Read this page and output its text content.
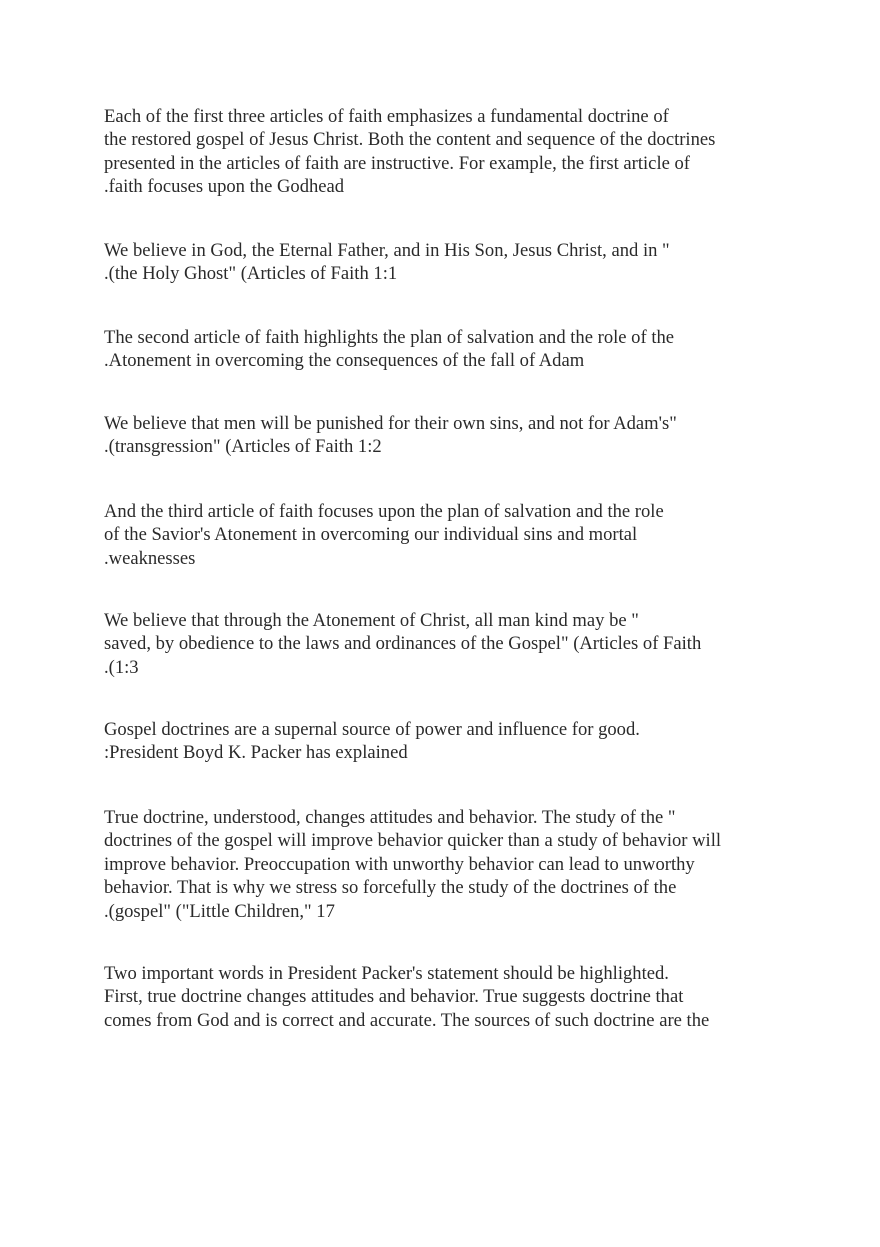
Each of the first three articles of faith emphasizes a fundamental doctrine of
the restored gospel of Jesus Christ. Both the content and sequence of the doctrines
presented in the articles of faith are instructive. For example, the first article of
.faith focuses upon the Godhead

We believe in God, the Eternal Father, and in His Son, Jesus Christ, and in "
.(the Holy Ghost" (Articles of Faith 1:1

The second article of faith highlights the plan of salvation and the role of the
.Atonement in overcoming the consequences of the fall of Adam

We believe that men will be punished for their own sins, and not for Adam's"
.(transgression" (Articles of Faith 1:2

And the third article of faith focuses upon the plan of salvation and the role
of the Savior's Atonement in overcoming our individual sins and mortal
.weaknesses

We believe that through the Atonement of Christ, all man kind may be "
saved, by obedience to the laws and ordinances of the Gospel" (Articles of Faith
.(1:3

Gospel doctrines are a supernal source of power and influence for good.
:President Boyd K. Packer has explained

True doctrine, understood, changes attitudes and behavior. The study of the "
doctrines of the gospel will improve behavior quicker than a study of behavior will
improve behavior. Preoccupation with unworthy behavior can lead to unworthy
behavior. That is why we stress so forcefully the study of the doctrines of the
.(gospel" ("Little Children," 17

Two important words in President Packer's statement should be highlighted.
First, true doctrine changes attitudes and behavior. True suggests doctrine that
comes from God and is correct and accurate. The sources of such doctrine are the
